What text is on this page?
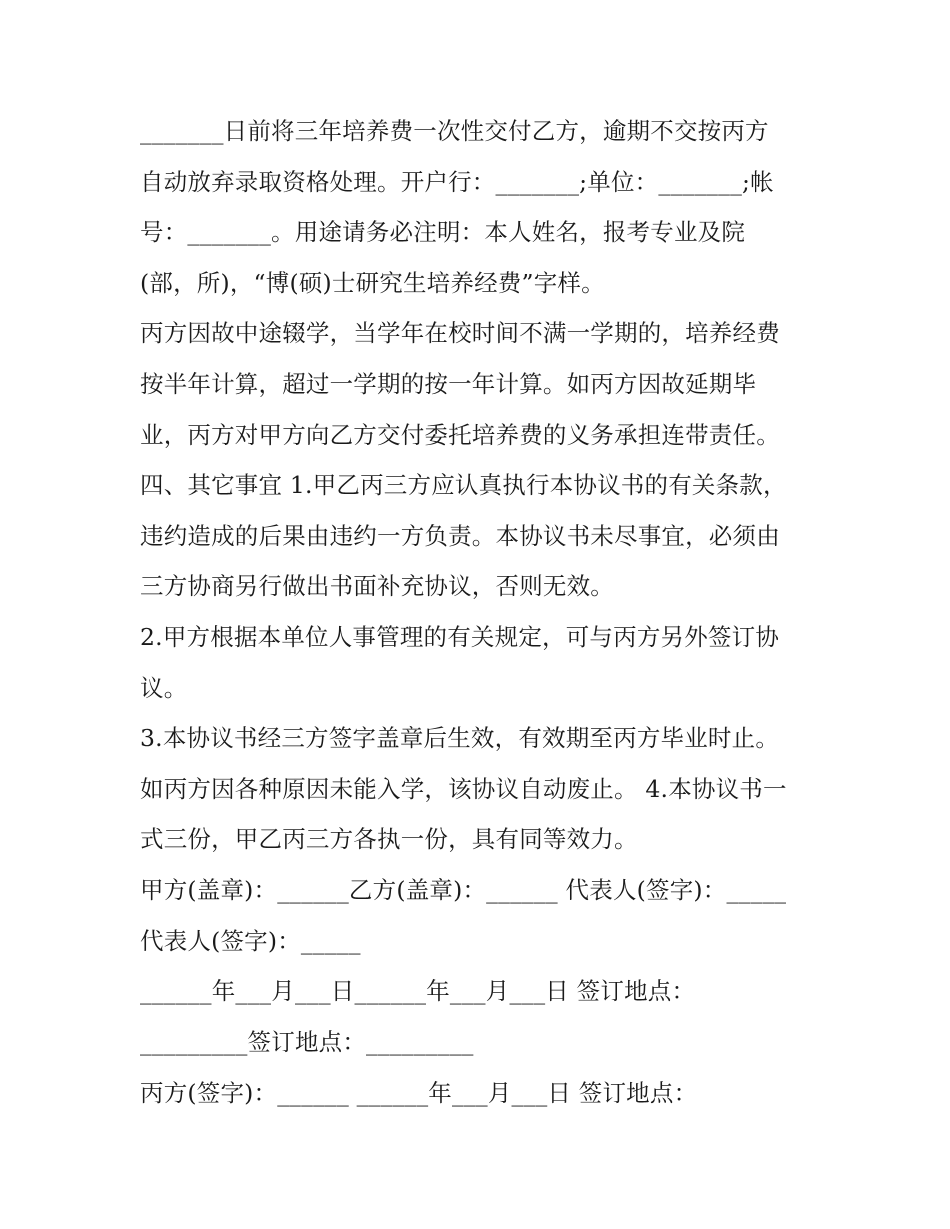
_______日前将三年培养费一次性交付乙方，逾期不交按丙方
自动放弃录取资格处理。开户行：_______;单位：_______;帐
号：_______。用途请务必注明：本人姓名，报考专业及院
(部，所)，“博(硕)士研究生培养经费”字样。
丙方因故中途辍学，当学年在校时间不满一学期的，培养经费
按半年计算，超过一学期的按一年计算。如丙方因故延期毕
业，丙方对甲方向乙方交付委托培养费的义务承担连带责任。
四、其它事宜 1.甲乙丙三方应认真执行本协议书的有关条款，
违约造成的后果由违约一方负责。本协议书未尽事宜，必须由
三方协商另行做出书面补充协议，否则无效。
2.甲方根据本单位人事管理的有关规定，可与丙方另外签订协
议。
3.本协议书经三方签字盖章后生效，有效期至丙方毕业时止。
如丙方因各种原因未能入学，该协议自动废止。 4.本协议书一
式三份，甲乙丙三方各执一份，具有同等效力。
甲方(盖章)：______乙方(盖章)：______ 代表人(签字)：_____
代表人(签字)：_____
______年___月___日______年___月___日 签订地点：
_________签订地点：_________
丙方(签字)：______ ______年___月___日 签订地点：
